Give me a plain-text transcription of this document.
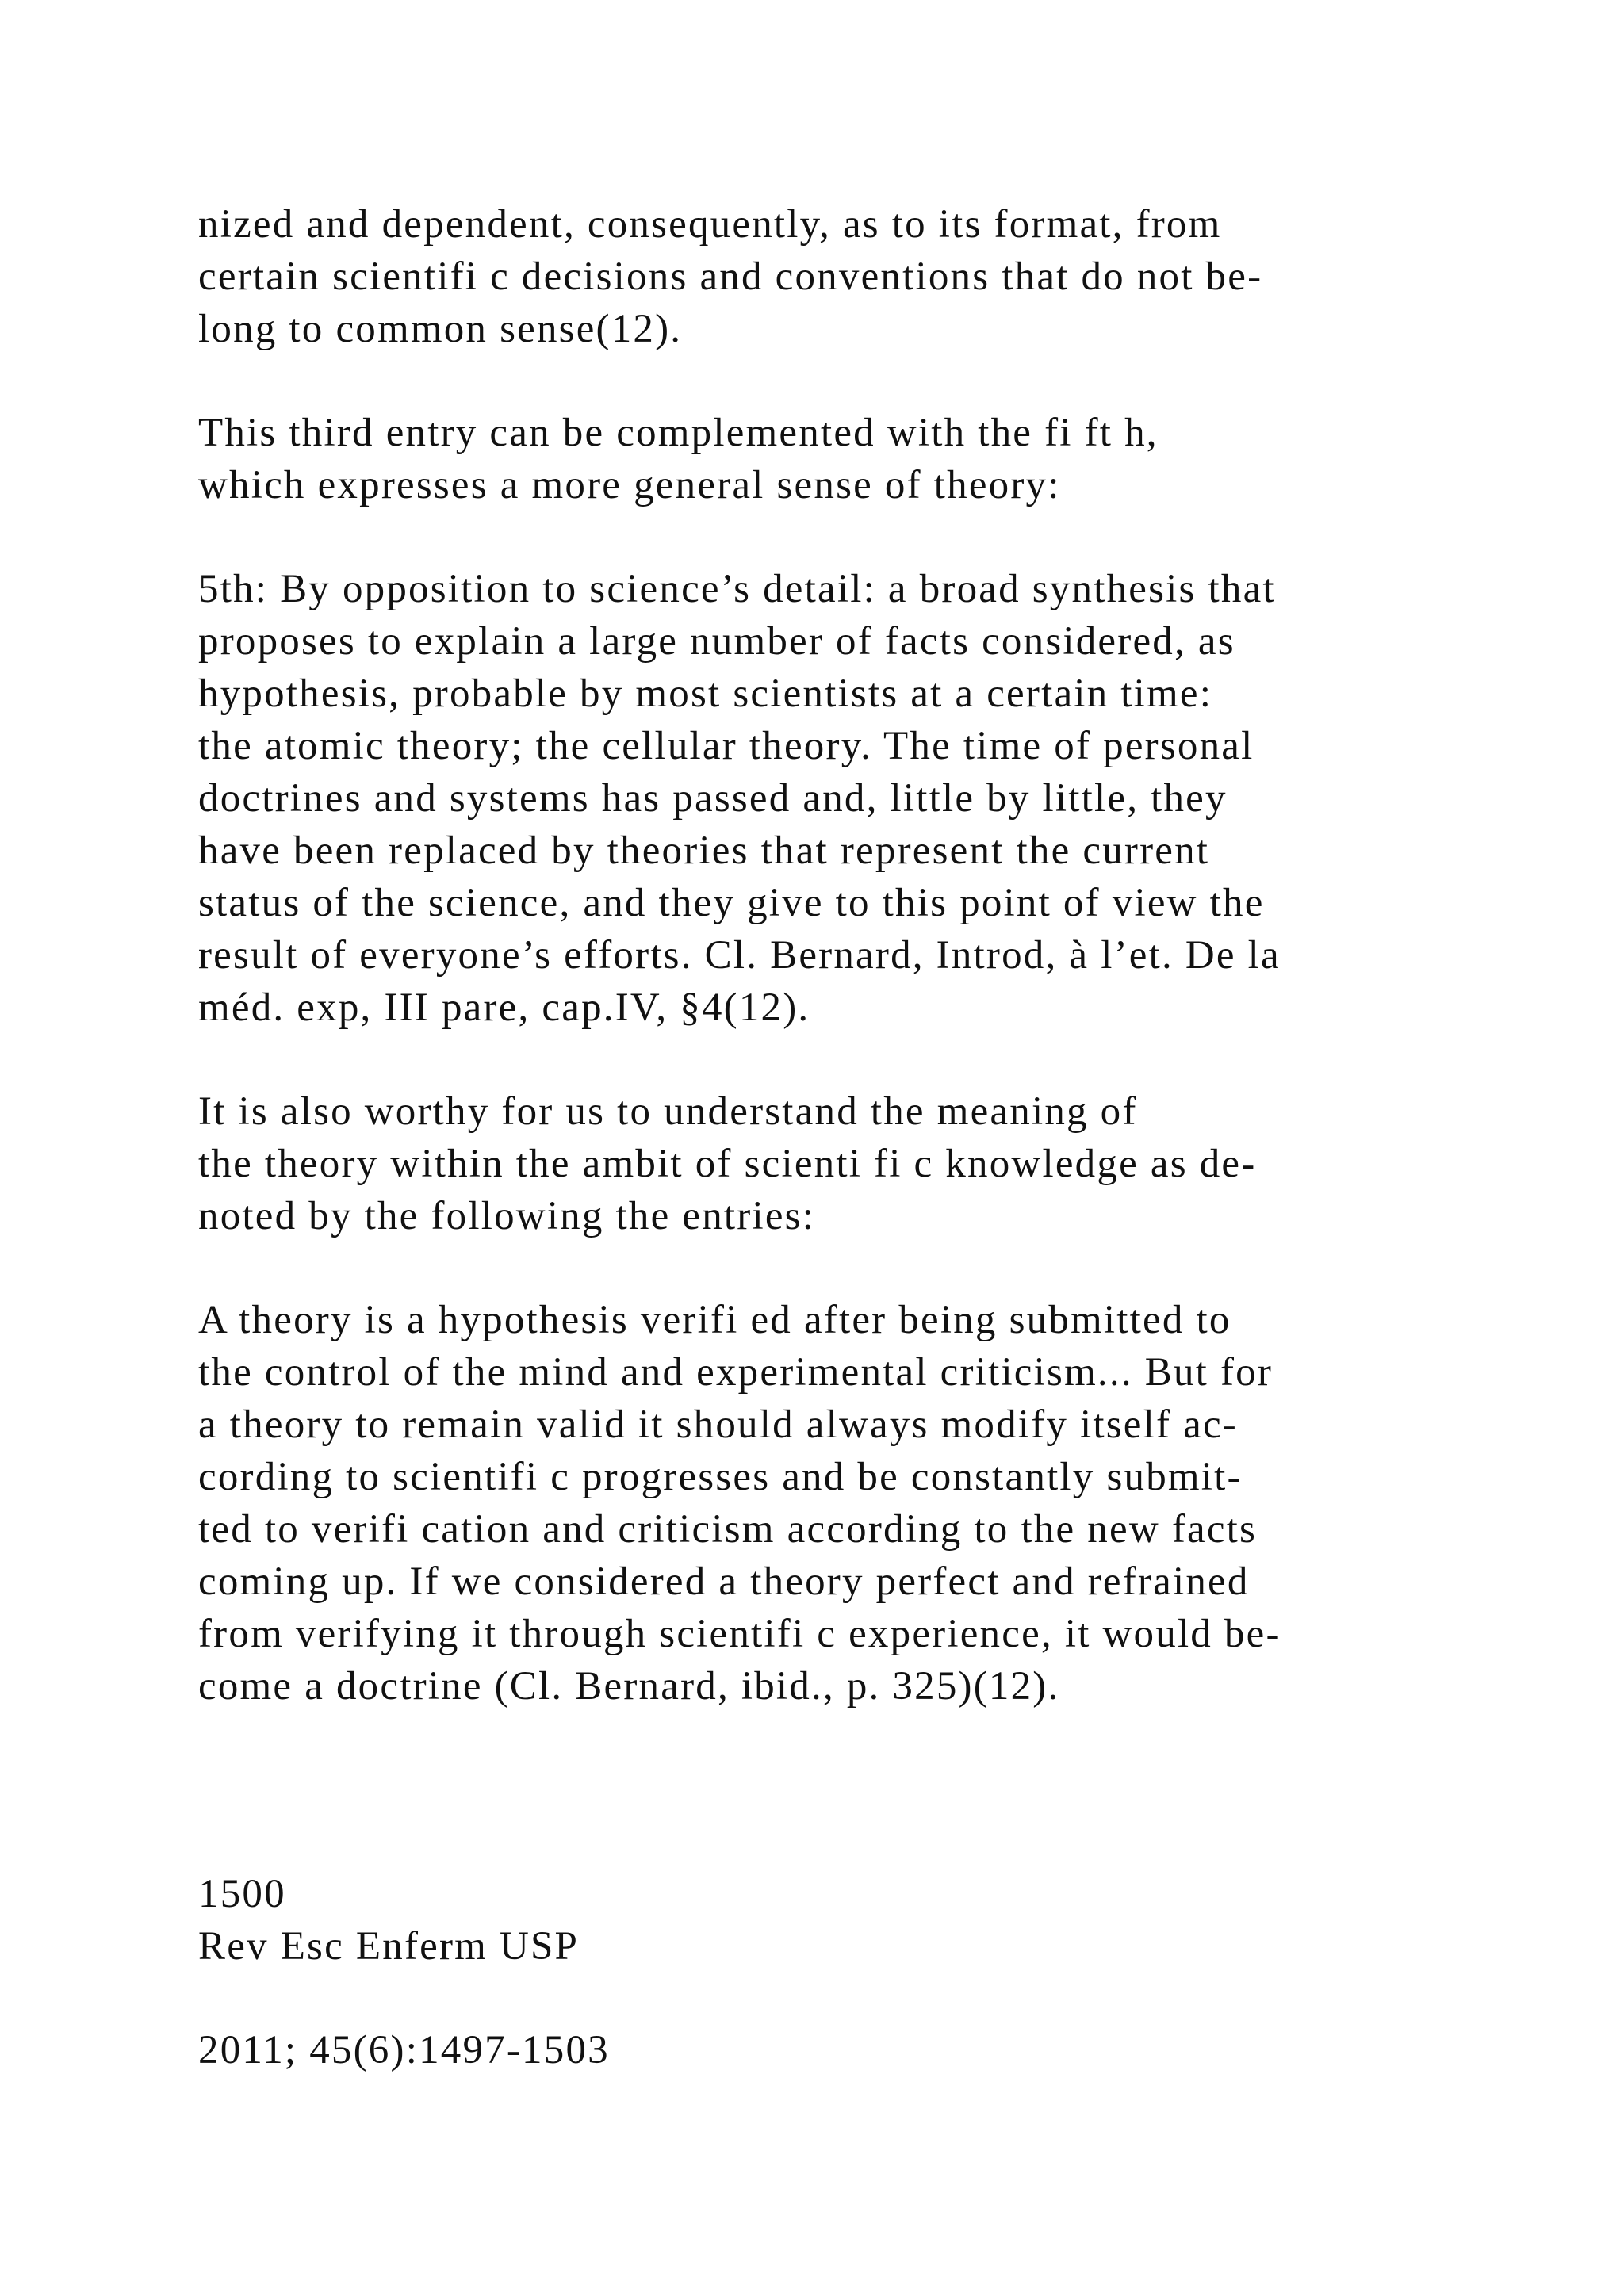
nized and dependent, consequently, as to its format, from

certain scientifi c decisions and conventions that do not be-

long to common sense(12).

This third entry can be complemented with the fi ft h,

which expresses a more general sense of theory:

5th: By opposition to science’s detail: a broad synthesis that

proposes to explain a large number of facts considered, as

hypothesis, probable by most scientists at a certain time:

the atomic theory; the cellular theory. The time of personal

doctrines and systems has passed and, little by little, they

have been replaced by theories that represent the current

status of the science, and they give to this point of view the

result of everyone’s efforts. Cl. Bernard, Introd, à l’et. De la

méd. exp, III pare, cap.IV, §4(12).

It is also worthy for us to understand the meaning of

the theory within the ambit of scienti fi c knowledge as de-

noted by the following the entries:

A theory is a hypothesis verifi ed after being submitted to

the control of the mind and experimental criticism... But for

a theory to remain valid it should always modify itself ac-

cording to scientifi c progresses and be constantly submit-

ted to verifi cation and criticism according to the new facts

coming up. If we considered a theory perfect and refrained

from verifying it through scientifi c experience, it would be-

come a doctrine (Cl. Bernard, ibid., p. 325)(12).

1500

Rev Esc Enferm USP

2011; 45(6):1497-1503
